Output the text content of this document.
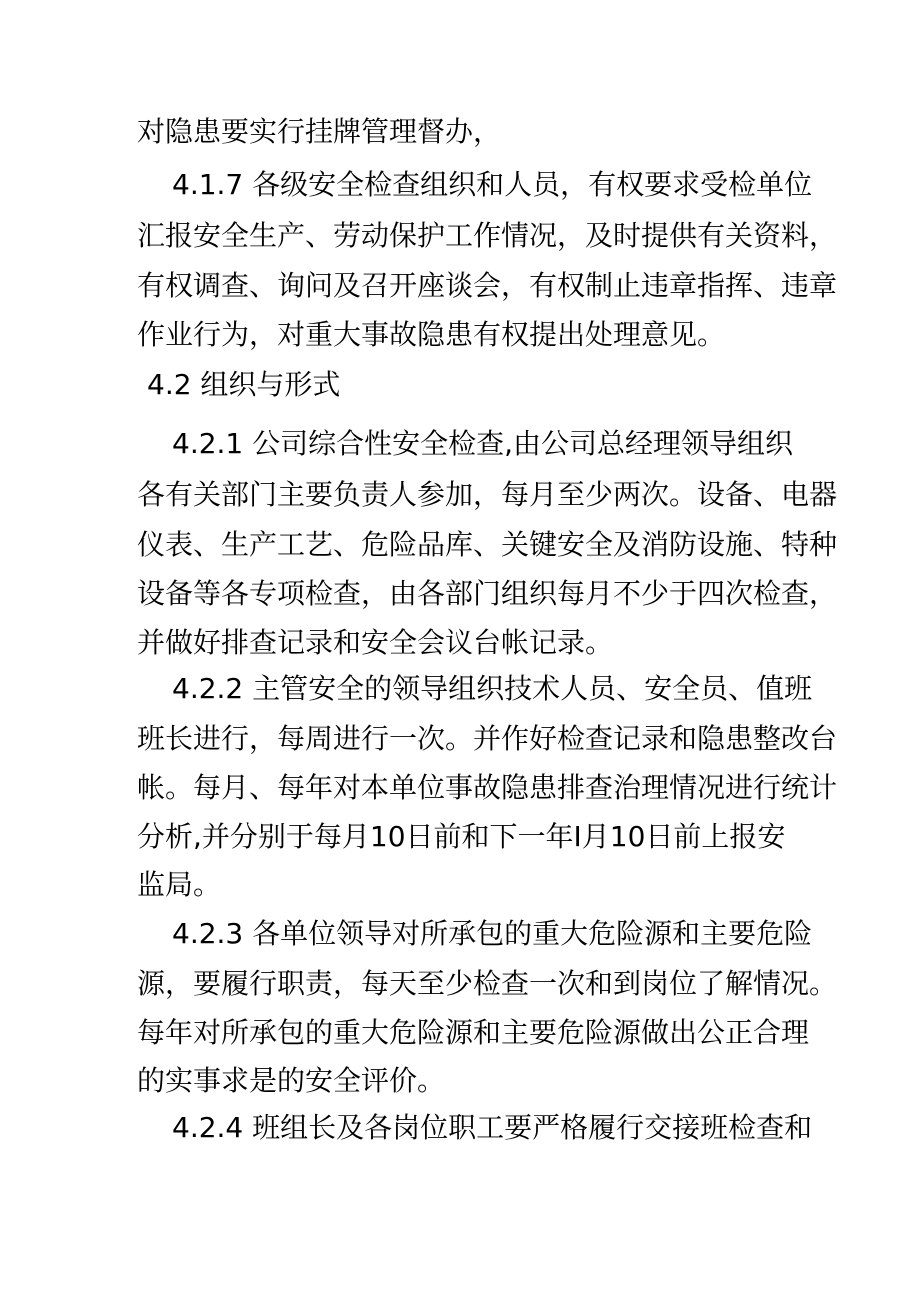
对隐患要实行挂牌管理督办，
4.1.7 各级安全检查组织和人员，有权要求受检单位
汇报安全生产、劳动保护工作情况，及时提供有关资料，
有权调查、询问及召开座谈会，有权制止违章指挥、违章
作业行为，对重大事故隐患有权提出处理意见。
4.2 组织与形式
4.2.1 公司综合性安全检查,由公司总经理领导组织
各有关部门主要负责人参加，每月至少两次。设备、电器
仪表、生产工艺、危险品库、关键安全及消防设施、特种
设备等各专项检查，由各部门组织每月不少于四次检查，
并做好排查记录和安全会议台帐记录。
4.2.2 主管安全的领导组织技术人员、安全员、值班
班长进行，每周进行一次。并作好检查记录和隐患整改台
帐。每月、每年对本单位事故隐患排查治理情况进行统计
分析,并分别于每月10日前和下一年I月10日前上报安
监局。
4.2.3 各单位领导对所承包的重大危险源和主要危险
源，要履行职责，每天至少检查一次和到岗位了解情况。
每年对所承包的重大危险源和主要危险源做出公正合理
的实事求是的安全评价。
4.2.4 班组长及各岗位职工要严格履行交接班检查和
